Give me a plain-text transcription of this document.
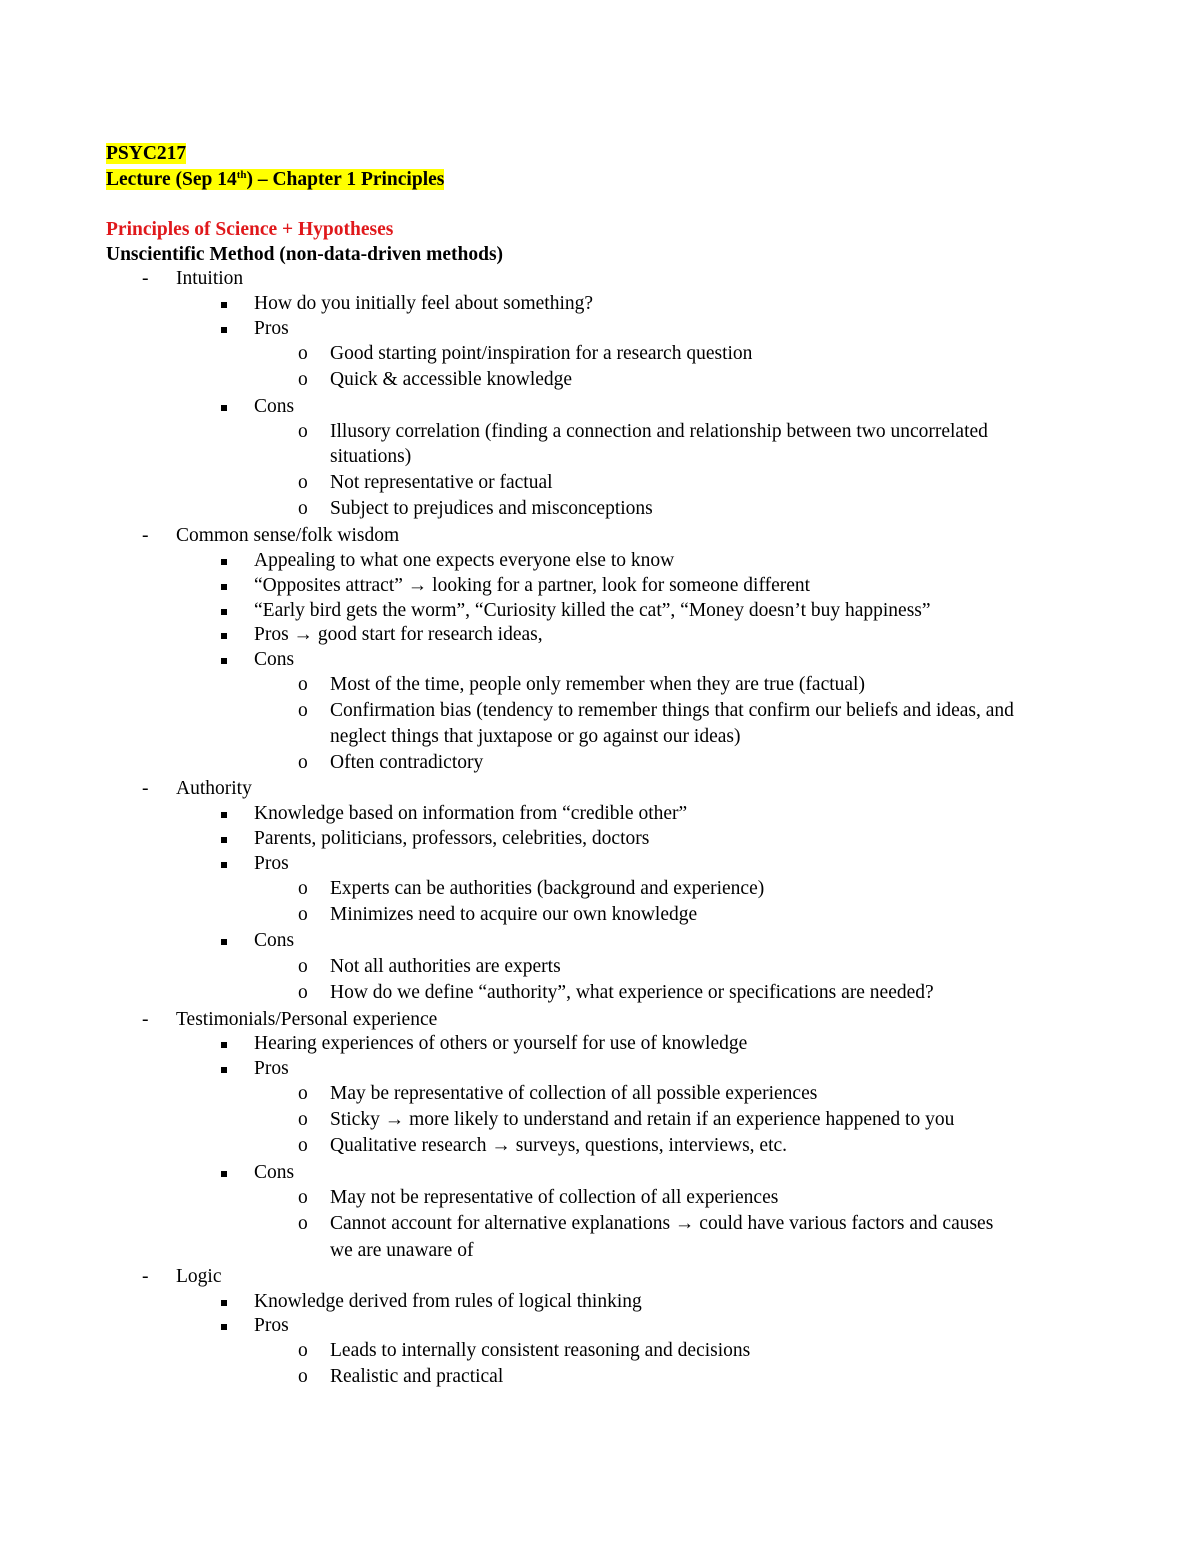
PSYC217
Lecture (Sep 14th) – Chapter 1 Principles
Principles of Science + Hypotheses
Unscientific Method (non-data-driven methods)
- Intuition
How do you initially feel about something?
Pros
o Good starting point/inspiration for a research question
o Quick & accessible knowledge
Cons
o Illusory correlation (finding a connection and relationship between two uncorrelated
situations)
o Not representative or factual
o Subject to prejudices and misconceptions
- Common sense/folk wisdom
Appealing to what one expects everyone else to know
“Opposites attract” → looking for a partner, look for someone different
“Early bird gets the worm”, “Curiosity killed the cat”, “Money doesn’t buy happiness”
Pros → good start for research ideas,
Cons
o Most of the time, people only remember when they are true (factual)
o Confirmation bias (tendency to remember things that confirm our beliefs and ideas, and
neglect things that juxtapose or go against our ideas)
o Often contradictory
- Authority
Knowledge based on information from “credible other”
Parents, politicians, professors, celebrities, doctors
Pros
o Experts can be authorities (background and experience)
o Minimizes need to acquire our own knowledge
Cons
o Not all authorities are experts
o How do we define “authority”, what experience or specifications are needed?
- Testimonials/Personal experience
Hearing experiences of others or yourself for use of knowledge
Pros
o May be representative of collection of all possible experiences
o Sticky → more likely to understand and retain if an experience happened to you
o Qualitative research → surveys, questions, interviews, etc.
Cons
o May not be representative of collection of all experiences
o Cannot account for alternative explanations → could have various factors and causes
we are unaware of
- Logic
Knowledge derived from rules of logical thinking
Pros
o Leads to internally consistent reasoning and decisions
o Realistic and practical
